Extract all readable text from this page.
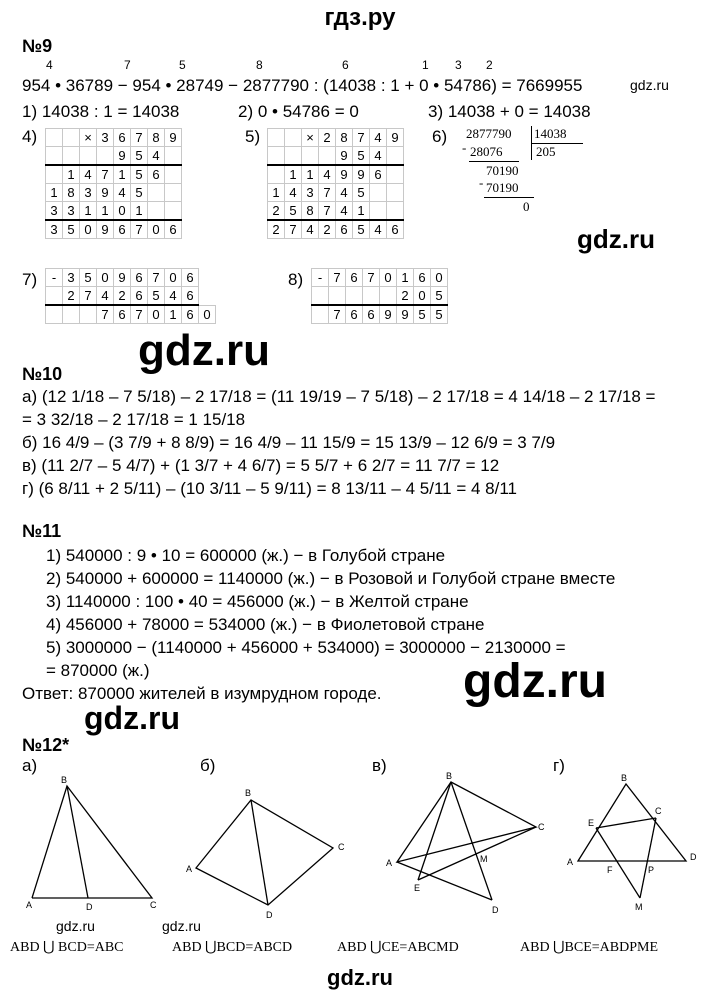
гдз.ру
№9
4	7	5	8	6	1 3 2
954 • 36789 − 954 • 28749 − 2877790 : (14038 : 1 + 0 • 54786) = 7669955	gdz.ru
1) 14038 : 1 = 14038	2) 0 • 54786 = 0	3) 14038 + 0 = 14038
4)	5)	6)
		×	3	6	7	8	9
				9	5	4	
	1	4	7	1	5	6	
1	8	3	9	4	5		
3	3	1	1	0	1		
3	5	0	9	6	7	0	6
		×	2	8	7	4	9
				9	5	4	
	1	1	4	9	9	6	
1	4	3	7	4	5		
2	5	8	7	4	1		
2	7	4	2	6	5	4	6
2877790 14038
- 28076	205
70190
- 70190
0
gdz.ru
7)	8)
-	3	5	0	9	6	7	0	6	
	2	7	4	2	6	5	4	6	
			7	6	7	0	1	6	0
-	7	6	7	0	1	6	0
					2	0	5
	7	6	6	9	9	5	5
gdz.ru
№10
а) (12 1/18 – 7 5/18) – 2 17/18 = (11 19/19 – 7 5/18) – 2 17/18 = 4 14/18 – 2 17/18 =
= 3 32/18 – 2 17/18 = 1 15/18
б) 16 4/9 – (3 7/9 + 8 8/9) = 16 4/9 – 11 15/9 = 15 13/9 – 12 6/9 = 3 7/9
в) (11 2/7 – 5 4/7) + (1 3/7 + 4 6/7) = 5 5/7 + 6 2/7 = 11 7/7 = 12
г) (6 8/11 + 2 5/11) – (10 3/11 – 5 9/11) = 8 13/11 – 4 5/11 = 4 8/11
№11
1) 540000 : 9 • 10 = 600000 (ж.) − в Голубой стране
2) 540000 + 600000 = 1140000 (ж.) − в Розовой и Голубой стране вместе
3) 1140000 : 100 • 40 = 456000 (ж.) − в Желтой стране
4) 456000 + 78000 = 534000 (ж.) − в Фиолетовой стране
5) 3000000 − (1140000 + 456000 + 534000) = 3000000 − 2130000 =
= 870000 (ж.)
Ответ: 870000 жителей в изумрудном городе. gdz.ru
gdz.ru
№12*
а)	б)	в)	г)
B
A	D	C
B
A
C
D
B
A
C
M
E
D
B
A
E
C
D
F	P
M
gdz.ru	gdz.ru
ABD ⋃ BCD=ABC	ABD ⋃BCD=ABCD	ABD ⋃CE=ABCMD	ABD ⋃BCE=ABDPME
gdz.ru
